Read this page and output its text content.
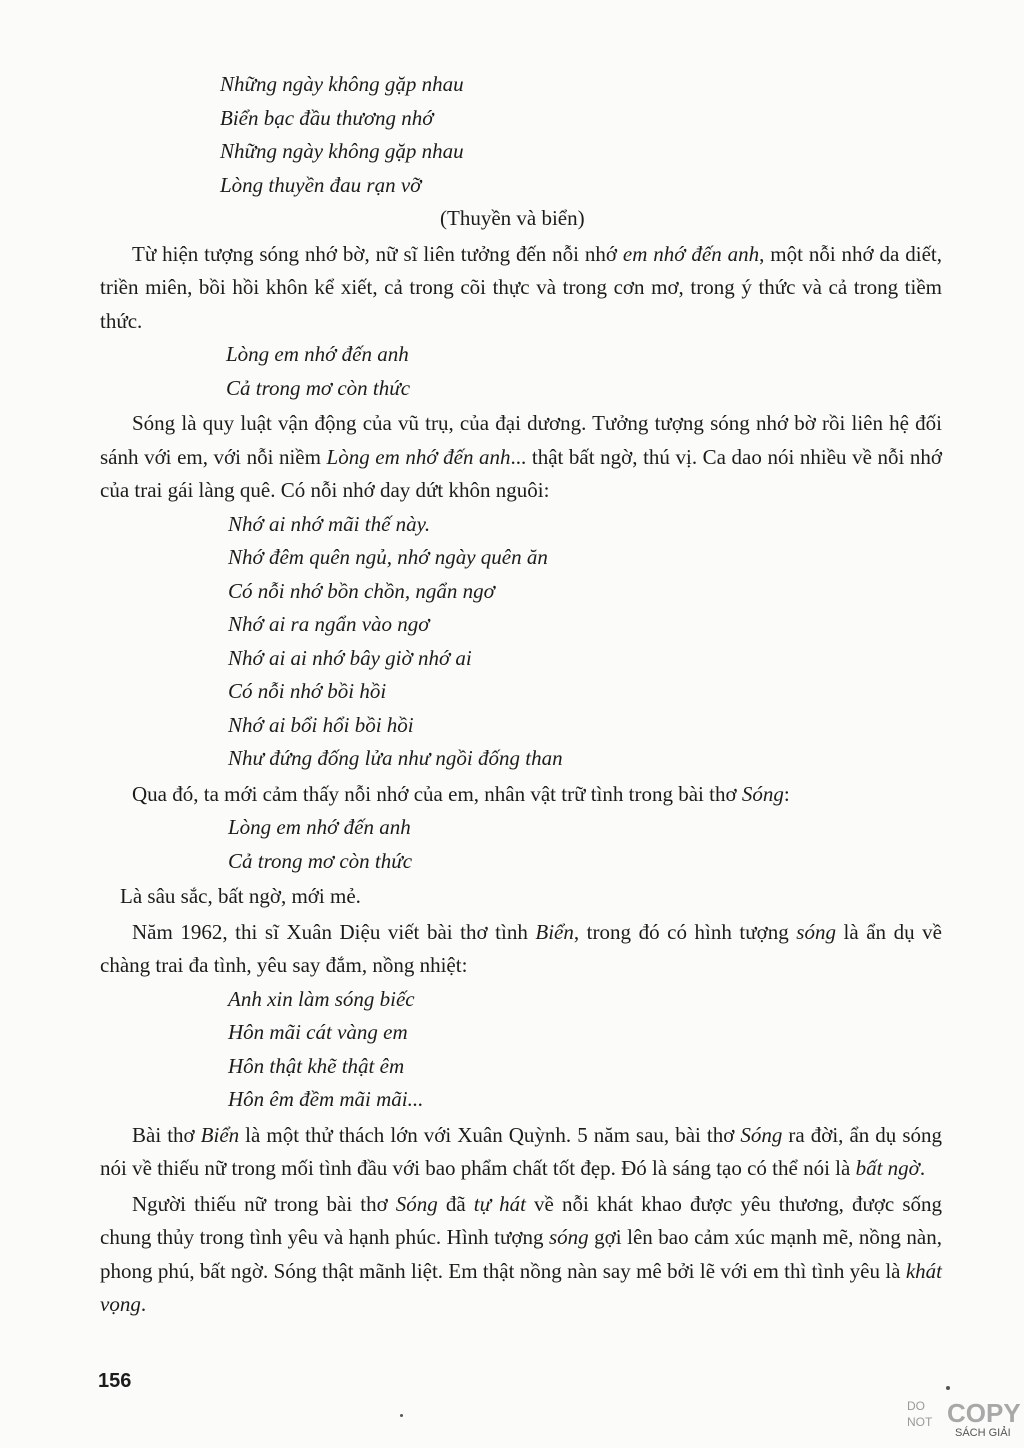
Những ngày không gặp nhau
Biển bạc đầu thương nhớ
Những ngày không gặp nhau
Lòng thuyền đau rạn vỡ
(Thuyền và biển)

Từ hiện tượng sóng nhớ bờ, nữ sĩ liên tưởng đến nỗi nhớ em nhớ đến anh, một nỗi nhớ da diết, triền miên, bồi hồi khôn kể xiết, cả trong cõi thực và trong cơn mơ, trong ý thức và cả trong tiềm thức.

Lòng em nhớ đến anh
Cả trong mơ còn thức

Sóng là quy luật vận động của vũ trụ, của đại dương. Tưởng tượng sóng nhớ bờ rồi liên hệ đối sánh với em, với nỗi niềm Lòng em nhớ đến anh... thật bất ngờ, thú vị. Ca dao nói nhiều về nỗi nhớ của trai gái làng quê. Có nỗi nhớ day dứt khôn nguôi:

Nhớ ai nhớ mãi thế này.
Nhớ đêm quên ngủ, nhớ ngày quên ăn
Có nỗi nhớ bồn chồn, ngẩn ngơ
Nhớ ai ra ngẩn vào ngơ
Nhớ ai ai nhớ bây giờ nhớ ai
Có nỗi nhớ bồi hồi
Nhớ ai bổi hổi bồi hồi
Như đứng đống lửa như ngồi đống than

Qua đó, ta mới cảm thấy nỗi nhớ của em, nhân vật trữ tình trong bài thơ Sóng:

Lòng em nhớ đến anh
Cả trong mơ còn thức

Là sâu sắc, bất ngờ, mới mẻ.

Năm 1962, thi sĩ Xuân Diệu viết bài thơ tình Biển, trong đó có hình tượng sóng là ẩn dụ về chàng trai đa tình, yêu say đắm, nồng nhiệt:

Anh xin làm sóng biếc
Hôn mãi cát vàng em
Hôn thật khẽ thật êm
Hôn êm đềm mãi mãi...

Bài thơ Biển là một thử thách lớn với Xuân Quỳnh. 5 năm sau, bài thơ Sóng ra đời, ẩn dụ sóng nói về thiếu nữ trong mối tình đầu với bao phẩm chất tốt đẹp. Đó là sáng tạo có thể nói là bất ngờ.

Người thiếu nữ trong bài thơ Sóng đã tự hát về nỗi khát khao được yêu thương, được sống chung thủy trong tình yêu và hạnh phúc. Hình tượng sóng gợi lên bao cảm xúc mạnh mẽ, nồng nàn, phong phú, bất ngờ. Sóng thật mãnh liệt. Em thật nồng nàn say mê bởi lẽ với em thì tình yêu là khát vọng.

156
DO
NOT COPY
SÁCH GIẢI
